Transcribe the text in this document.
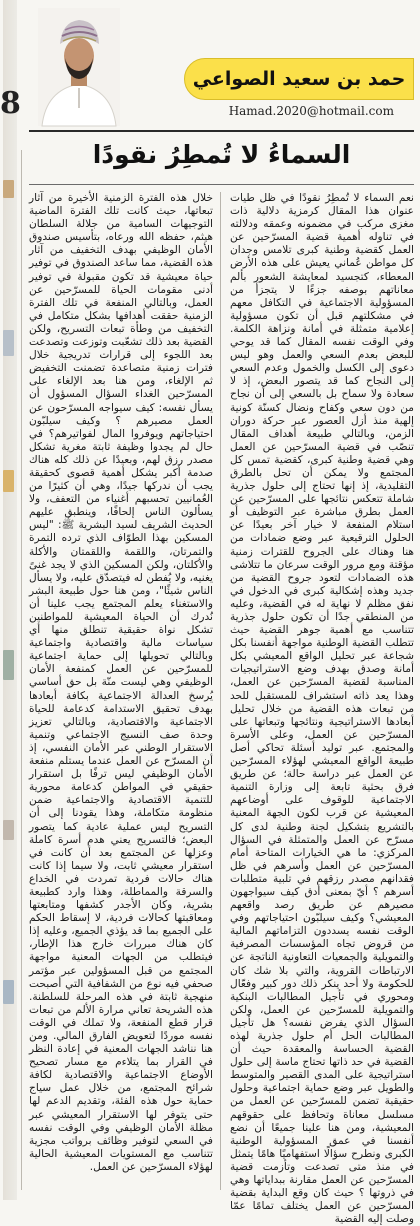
8
حمد بن سعيد الصواعي
Hamad.2020@hotmail.com
السماءُ لا تُمطِرُ نقودًا

نعم السماء لا تُمطِرُ نقودًا في ظل طيات عنوان هذا المقال كرمزية دلالية ذات مغزى مركب في مضمونه وعمقه ودلالته في تناوله أهمية قضية المسرّحين عن العمل كقضية وطنية كبرى تلامس وجدان كل مواطن عُماني يعيش على هذه الأرض المعطاء، كتجسيد لمعايشة الشعور بألم معاناتهم بوصفه جزءًا لا يتجزأ من المسؤولية الاجتماعية في التكافل معهم في مشكلتهم قبل أن تكون مسؤولية إعلامية متمثلة في أمانة ونزاهة الكلمة. وفي الوقت نفسه المقال كما قد يوحي للبعض بعدم السعي والعمل وهو ليس دعوى إلى الكسل والخمول وعدم السعي إلى النجاح كما قد يتصور البعض، إذ لا سعادة ولا سماح بل بالسعي إلى أن نجاح من دون سعي وكفاح ونضال كسنّة كونية إلهية منذ أزل العصور عبر حركة دوران الزمن، وبالتالي طبيعة أهداف المقال تنصّب في قضية المسرّحين عن العمل وهي قضية وطنية كبرى، كقضية تمس كل المجتمع ولا يمكن أن تحل بالطرق التقليدية، إذ إنها تحتاج إلى حلول جذرية شاملة تتعكس نتائجها على المسرّحين عن العمل بطرق مباشرة عبر التوظيف أو استلام المنفعة لا خيار آخر بعيدًا عن الحلول الترقيعية عبر وضع ضمادات من هنا وهناك على الجروح للقترات زمنية مؤقتة ومع مرور الوقت سرعان ما تتلاشى هذه الضمادات لتعود جروح القضية من جديد وهذه إشكالية كبرى في الدخول في نفق مظلم لا نهاية له في القضية، وعليه من المنطقي جدًا أن تكون حلول جذرية تتناسب مع أهمية جوهر القضية حيث تتطلب القضية الوطنية مواجهة أنفسنا بكل شجاعة عبر تحليل الواقع المعيشي بكل أمانة وصدق بهدف وضع الاستراتيجيات المناسبة لقضية المسرّحين عن العمل، وهذا يعد ذاته استشراف للمستقبل للحد من تبعات هذه القضية من خلال تحليل أبعادها الاستراتيجية ونتائجها وتبعاتها على المسرّحين عن العمل، وعلى الأسرة والمجتمع. عبر توليد أسئلة تحاكي أصل طبيعة الواقع المعيشي لهؤلاء المسرّحين عن العمل عبر دراسة حالة؛ عن طريق فرق بحثية تابعة إلى وزارة التنمية الاجتماعية للوقوف على أوضاعهم المعيشية عن قرب لكون الجهة المعنية بالتشريع بتشكيل لجنة وطنية لدى كل مسرّح عن العمل والمتمثلة في السؤال المركزي: ما هي الخيارات المتاحة أمام المسرّحين عن العمل وأسرهم في ظل فقدانهم مصدر رزقهم في تلبية متطلبات أسرهم ؟ أيّ بمعنى أدق كيف سيواجهون مصيرهم عن طريق رصد واقعهم المعيشي؟ وكيف سيلبّون احتياجاتهم وفي الوقت نفسه يسددون التزاماتهم المالية من قروض تجاه المؤسسات المصرفية والتمويلية والجمعيات التعاونية الناتجة عن الارتباطات القروية، والتي بلا شك كان للحكومة ولا أحد ينكر ذلك دور كبير وفعّال ومحوري في تأجيل المطالبات البنكية والتمويلية للمسرّحين عن العمل، ولكن السؤال الذي يفرض نفسه؟ هل تأجيل المطالبات الحل أم حلول جذرية لهذه القضية الحساسة والمعقدة حيث أن القضية في حد ذاتها تحتاج ماسة إلى حلول استراتيجية على المدى القصير والمتوسط والطويل عبر وضع حماية اجتماعية وحلول حقيقية تضمن للمسرّحين عن العمل من مسلسل معاناة وتحافظ على حقوقهم المعيشية، ومن هنا علينا جميعًا أن نضع أنفسنا في عمق المسؤولية الوطنية الكبرى ونطرح سؤالًا استفهاميًا هامًا يتمثل في منذ متى تصدعت وتأزمت قضية المسرّحين عن العمل مقارنة ببداياتها وهي في ذروتها ؟ حيث كان وقع البداية بقضية المسرّحين عن العمل يختلف تمامًا عمّا وصلت إليه القضية

خلال هذه الفترة الزمنية الأخيرة من آثار تبعاتها، حيث كانت تلك الفترة الماضية التوجيهات السامية من جلالة السلطان هيثم، حفظه الله ورعاه، بتأسيس صندوق الأمان الوظيفي بهدف التخفيف من آثار هذه القضية، مما ساعد الصندوق في توفير حياة معيشية قد تكون مقبولة في توفير أدنى مقومات الحياة للمسرّحين عن العمل، وبالتالي المنفعة في تلك الفترة الزمنية حققت أهدافها بشكل متكامل في التخفيف من وطأة تبعات التسريح، ولكن القضية بعد ذلك تشعّبت وتوزعت وتصدعت بعد اللجوء إلى قرارات تدريجية خلال فترات زمنية متصاعدة تضمنت التخفيض ثم الإلغاء، ومن هنا بعد الإلغاء على المسرّحين الغداء السؤال المسؤول أن يسأل نفسه: كيف سيواجه المسرّحون عن العمل مصيرهم ؟ وكيف سيلبّون احتياجاتهم ويوفروا المال لفواتيرهم؟ في حال لم يجدوا وظيفة ثابتة مغرية تشكل مصدر رزق لهم، وبعيدًا عن ذلك كله هناك صدمة أكبر يشكل أهمية قصوى كحقيقة يجب أن ندركها جيدًا، وهي أن كثيرًا من العُمانيين تحسبهم أغنياء من التعفف، ولا يسألون الناس إلحافًا، وينطبق عليهم الحديث الشريف لسيد البشرية ﷺ: "ليس المسكين بهذا الطوّاف الذي ترده التمرة والتمرتان، واللقمة واللقمتان والأكلة والأكلتان، ولكن المسكين الذي لا يجد غنىً يغنيه، ولا يُفطن له فيتصدّق عليه، ولا يسأل الناس شيئًا"، ومن هنا حول طبيعة البشر والاستغناء يعلم المجتمع يجب علينا أن نُدرك أن الحياة المعيشية للمواطنين تشكل نواة حقيقية تنطلق منها أي سياسات مالية واقتصادية واجتماعية وبالتالي تحويلها إلى حماية اجتماعية للمسرّحين عن العمل كمنفعة الأمان الوظيفي وهي ليست منّة بل حق أساسي يُرسخ العدالة الاجتماعية بكافة أبعادها بهدف تحقيق الاستدامة كدعامة للحياة الاجتماعية والاقتصادية، وبالتالي تعزيز وحدة صف النسيج الاجتماعي وتنمية الاستقرار الوطني عبر الأمان النفسي، إذ أن المسرّح عن العمل عندما يستلم منفعة الأمان الوظيفي ليس ترفًا بل استقرار حقيقي في المواطن كدعامة محورية للتنمية الاقتصادية والاجتماعية ضمن منظومة متكاملة، وهذا يقودنا إلى أن التسريح ليس عملية عادية كما يتصور البعض؛ فالتسريح يعني هدم أسرة كاملة وعزلها عن المجتمع بعد أن كانت في استقرار معيشي ثابت، ولا سيما إذا كانت هناك حالات فردية تمردت في الخداع والسرقة والمماطلة، وهذا وارد كطبيعة بشرية، وكان الأجدر كشفها ومتابعتها ومعاقبتها كحالات فردية، لا إسقاط الحكم على الجميع بما قد يؤذي الجميع، وعليه إذا كان هناك مبررات خارج هذا الإطار، فيتطلب من الجهات المعنية مواجهة المجتمع من قبل المسؤولين عبر مؤتمر صحفي فيه نوع من الشفافية التي أصبحت منهجية ثابتة في هذه المرحلة للسلطنة. هذه الشريحة تعاني مرارة الألم من تبعات قرار قطع المنفعة، ولا تملك في الوقت نفسه موردًا لتعويض الفارق المالي. ومن هنا نناشد الجهات المعنية في إعادة النظر في القرار بما يتلاءم مع مسار تصحيح الأوضاع الاجتماعية والاقتصادية لكافة شرائح المجتمع، من خلال عمل سياج حماية حول هذه الفئة، وتقديم الدعم لها حتى يتوفر لها الاستقرار المعيشي عبر مظلة الأمان الوظيفي وفي الوقت نفسه في السعي لتوفير وظائف برواتب مجزية تتناسب مع المستويات المعيشية الحالية لهؤلاء المسرّحين عن العمل.
